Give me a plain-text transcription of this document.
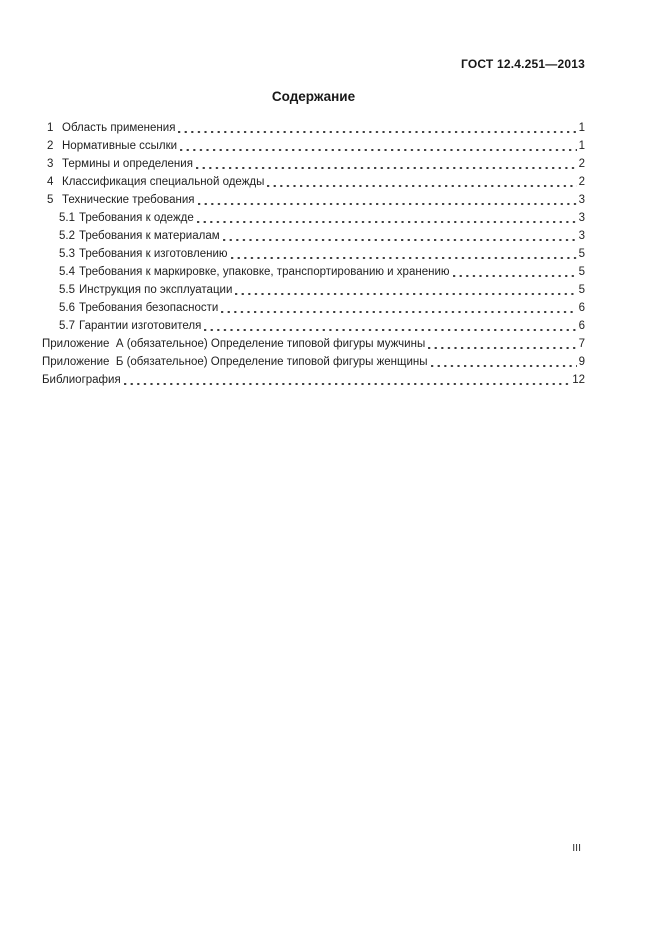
ГОСТ 12.4.251—2013
Содержание
1 Область применения	1
2 Нормативные ссылки	1
3 Термины и определения	2
4 Классификация специальной одежды	2
5 Технические требования	3
5.1 Требования к одежде	3
5.2 Требования к материалам	3
5.3 Требования к изготовлению	5
5.4 Требования к маркировке, упаковке, транспортированию и хранению	5
5.5 Инструкция по эксплуатации	5
5.6 Требования безопасности	6
5.7 Гарантии изготовителя	6
Приложение  А (обязательное) Определение типовой фигуры мужчины	7
Приложение  Б (обязательное) Определение типовой фигуры женщины	9
Библиография	12
III
